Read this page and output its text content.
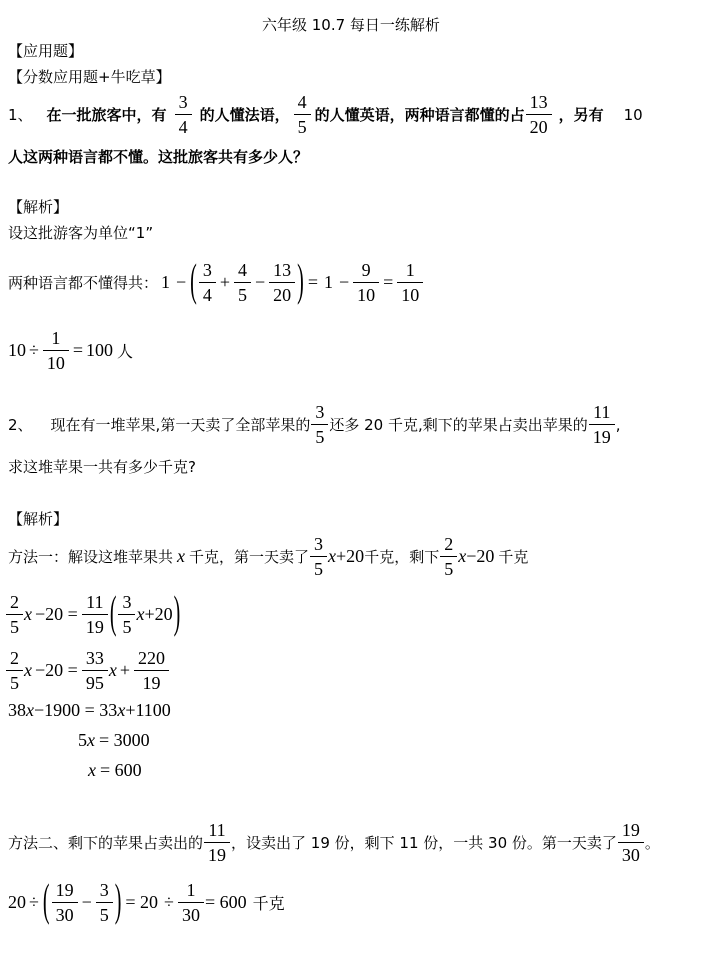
六年级 10.7 每日一练解析
【应用题】
【分数应用题+牛吃草】
1、 在一批旅客中，有 $\frac{3}{4}$ 的人懂法语， $\frac{4}{5}$ 的人懂英语，两种语言都懂的占 $\frac{13}{20}$ ，另有 10
人这两种语言都不懂。这批旅客共有多少人？
【解析】
设这批游客为单位“1”
两种语言都不懂得共： 1 − ( $\frac{3}{4} + \frac{4}{5} - \frac{13}{20}$ ) = $1 - \frac{9}{10} = \frac{1}{10}$
$10 \div \frac{1}{10} = 100$ 人
2、 现在有一堆苹果,第一天卖了全部苹果的 $\frac{3}{5}$ 还多 20 千克,剩下的苹果占卖出苹果的 $\frac{11}{19}$ ,
求这堆苹果一共有多少千克?
【解析】
方法一：解设这堆苹果共 x 千克，第一天卖了 $\frac{3}{5}$ x +20 千克，剩下 $\frac{2}{5}$ x −20 千克
$\frac{2}{5}$ $x -20 = \frac{11}{19}$ ( $\frac{3}{5}$ x +20 )
$\frac{2}{5}$ $x -20 = \frac{33}{95}$ $x + \frac{220}{19}$
38 x −1900 = 33 x +1100
5 x = 3000
x = 600
方法二、剩下的苹果占卖出的 $\frac{11}{19}$ ，设卖出了 19 份，剩下 11 份，一共 30 份。第一天卖了 $\frac{19}{30}$ 。
20 ÷ ( $\frac{19}{30} - \frac{3}{5}$ ) = $20 \div \frac{1}{30} = 600$ 千克
